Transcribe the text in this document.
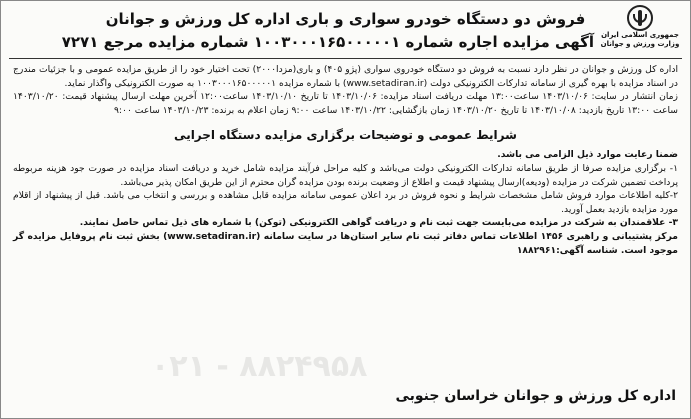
جمهوری اسلامی ایران
وزارت ورزش و جوانان
فروش دو دستگاه خودرو سواری و باری اداره کل ورزش و جوانان
آگهی مزایده اجاره شماره ۱۰۰۳۰۰۰۱۶۵۰۰۰۰۰۱ شماره مزایده مرجع ۷۲۷۱

اداره کل ورزش و جوانان در نظر دارد نسبت به فروش دو دستگاه خودروی سواری (پژو ۴۰۵) و باری(مزدا۲۰۰۰) تحت اختیار خود را از طریق مزایده عمومی و با جزئیات مندرج در اسناد مزایده با بهره گیری از سامانه تدارکات الکترونیکی دولت (www.setadiran.ir) با شماره مزایده ۱۰۰۳۰۰۰۱۶۵۰۰۰۰۰۱ به صورت الکترونیکی واگذار نماید.

زمان انتشار در سایت: ۱۴۰۳/۱۰/۰۶ ساعت۱۳:۰۰ مهلت دریافت اسناد مزایده: ۱۴۰۳/۱۰/۰۶ تا تاریخ ۱۴۰۳/۱۰/۱۰ ساعت۱۲:۰۰ آخرین مهلت ارسال پیشنهاد قیمت: ۱۴۰۳/۱۰/۲۰ ساعت ۱۳:۰۰ تاریخ بازدید: ۱۴۰۳/۱۰/۰۸ تا تاریخ ۱۴۰۳/۱۰/۲۰ زمان بازگشایی: ۱۴۰۳/۱۰/۲۲ ساعت ۹:۰۰ زمان اعلام به برنده: ۱۴۰۳/۱۰/۲۳ ساعت ۹:۰۰

شرایط عمومی و توضیحات برگزاری مزایده دستگاه اجرایی

ضمنا رعایت موارد ذیل الزامی می باشد.

۱- برگزاری مزایده صرفا از طریق سامانه تدارکات الکترونیکی دولت می‌باشد و کلیه مراحل فرآیند مزایده شامل خرید و دریافت اسناد مزایده در صورت جود هزینه مربوطه پرداخت تضمین شرکت در مزایده (ودیعه)ارسال پیشنهاد قیمت و اطلاع از وضعیت برنده بودن مزایده گران محترم از این طریق امکان پذیر می‌باشد.

۲-کلیه اطلاعات موارد فروش شامل مشخصات شرایط و نحوه فروش در برد اعلان عمومی سامانه مزایده قابل مشاهده و بررسی و انتخاب می باشد. قبل از پیشنهاد از اقلام مورد مزایده بازدید بعمل آورید.

۳- علاقمندان به شرکت در مزایده می‌بایست جهت ثبت نام و دریافت گواهی الکترونیکی (توکن) با شماره های ذیل تماس حاصل نمایند.

مرکز پشتیبانی و راهبری ۱۴۵۶ اطلاعات تماس دفاتر ثبت نام سایر استان‌ها در سایت سامانه (www.setadiran.ir) بخش ثبت نام پروفایل مزایده گر موجود است. شناسه آگهی:۱۸۸۲۹۶۱

۰۲۱ - ۸۸۲۴۹۵۸
اداره کل ورزش و جوانان خراسان جنوبی
